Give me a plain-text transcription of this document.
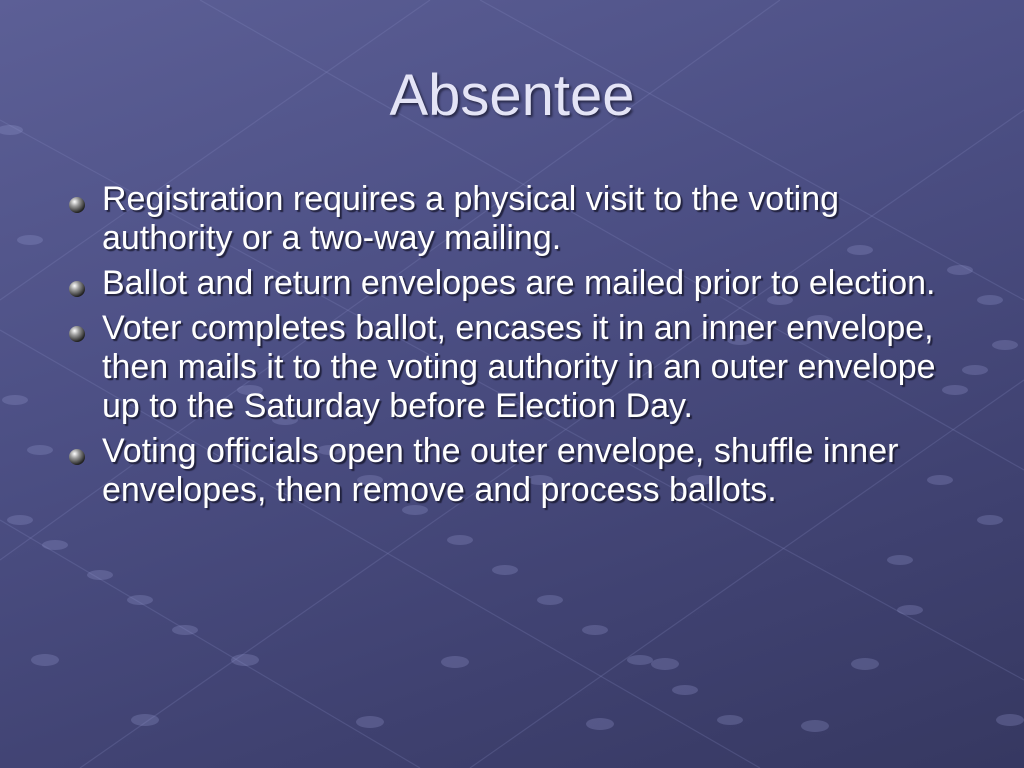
Absentee
Registration requires a physical visit to the voting authority or a two-way mailing.
Ballot and return envelopes are mailed prior to election.
Voter completes ballot, encases it in an inner envelope, then mails it to the voting authority in an outer envelope up to the Saturday before Election Day.
Voting officials open the outer envelope, shuffle inner envelopes, then remove and process ballots.
